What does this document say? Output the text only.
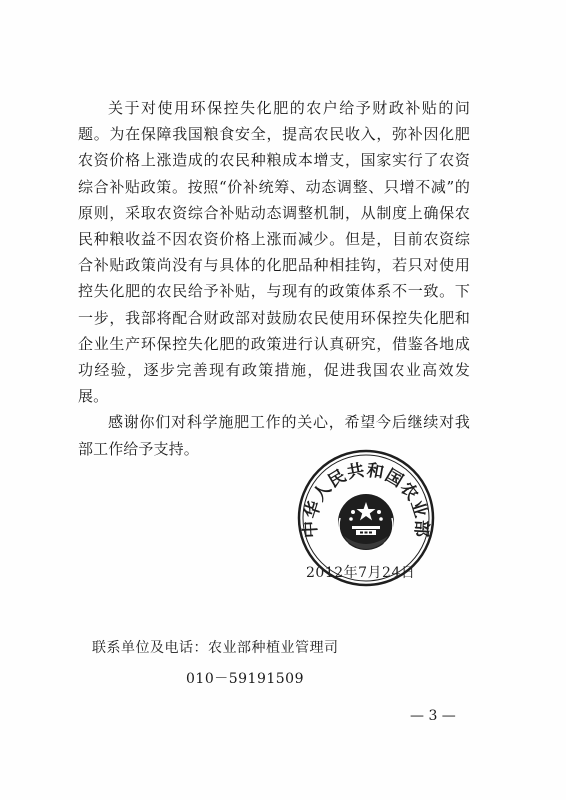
关于对使用环保控失化肥的农户给予财政补贴的问题。为在保障我国粮食安全，提高农民收入，弥补因化肥农资价格上涨造成的农民种粮成本增支，国家实行了农资综合补贴政策。按照“价补统筹、动态调整、只增不减”的原则，采取农资综合补贴动态调整机制，从制度上确保农民种粮收益不因农资价格上涨而减少。但是，目前农资综合补贴政策尚没有与具体的化肥品种相挂钩，若只对使用控失化肥的农民给予补贴，与现有的政策体系不一致。下一步，我部将配合财政部对鼓励农民使用环保控失化肥和企业生产环保控失化肥的政策进行认真研究，借鉴各地成功经验，逐步完善现有政策措施，促进我国农业高效发展。

感谢你们对科学施肥工作的关心，希望今后继续对我部工作给予支持。

中华人民共和国农业部
2012年7月24日

联系单位及电话：农业部种植业管理司

010－59191509

— 3 —
